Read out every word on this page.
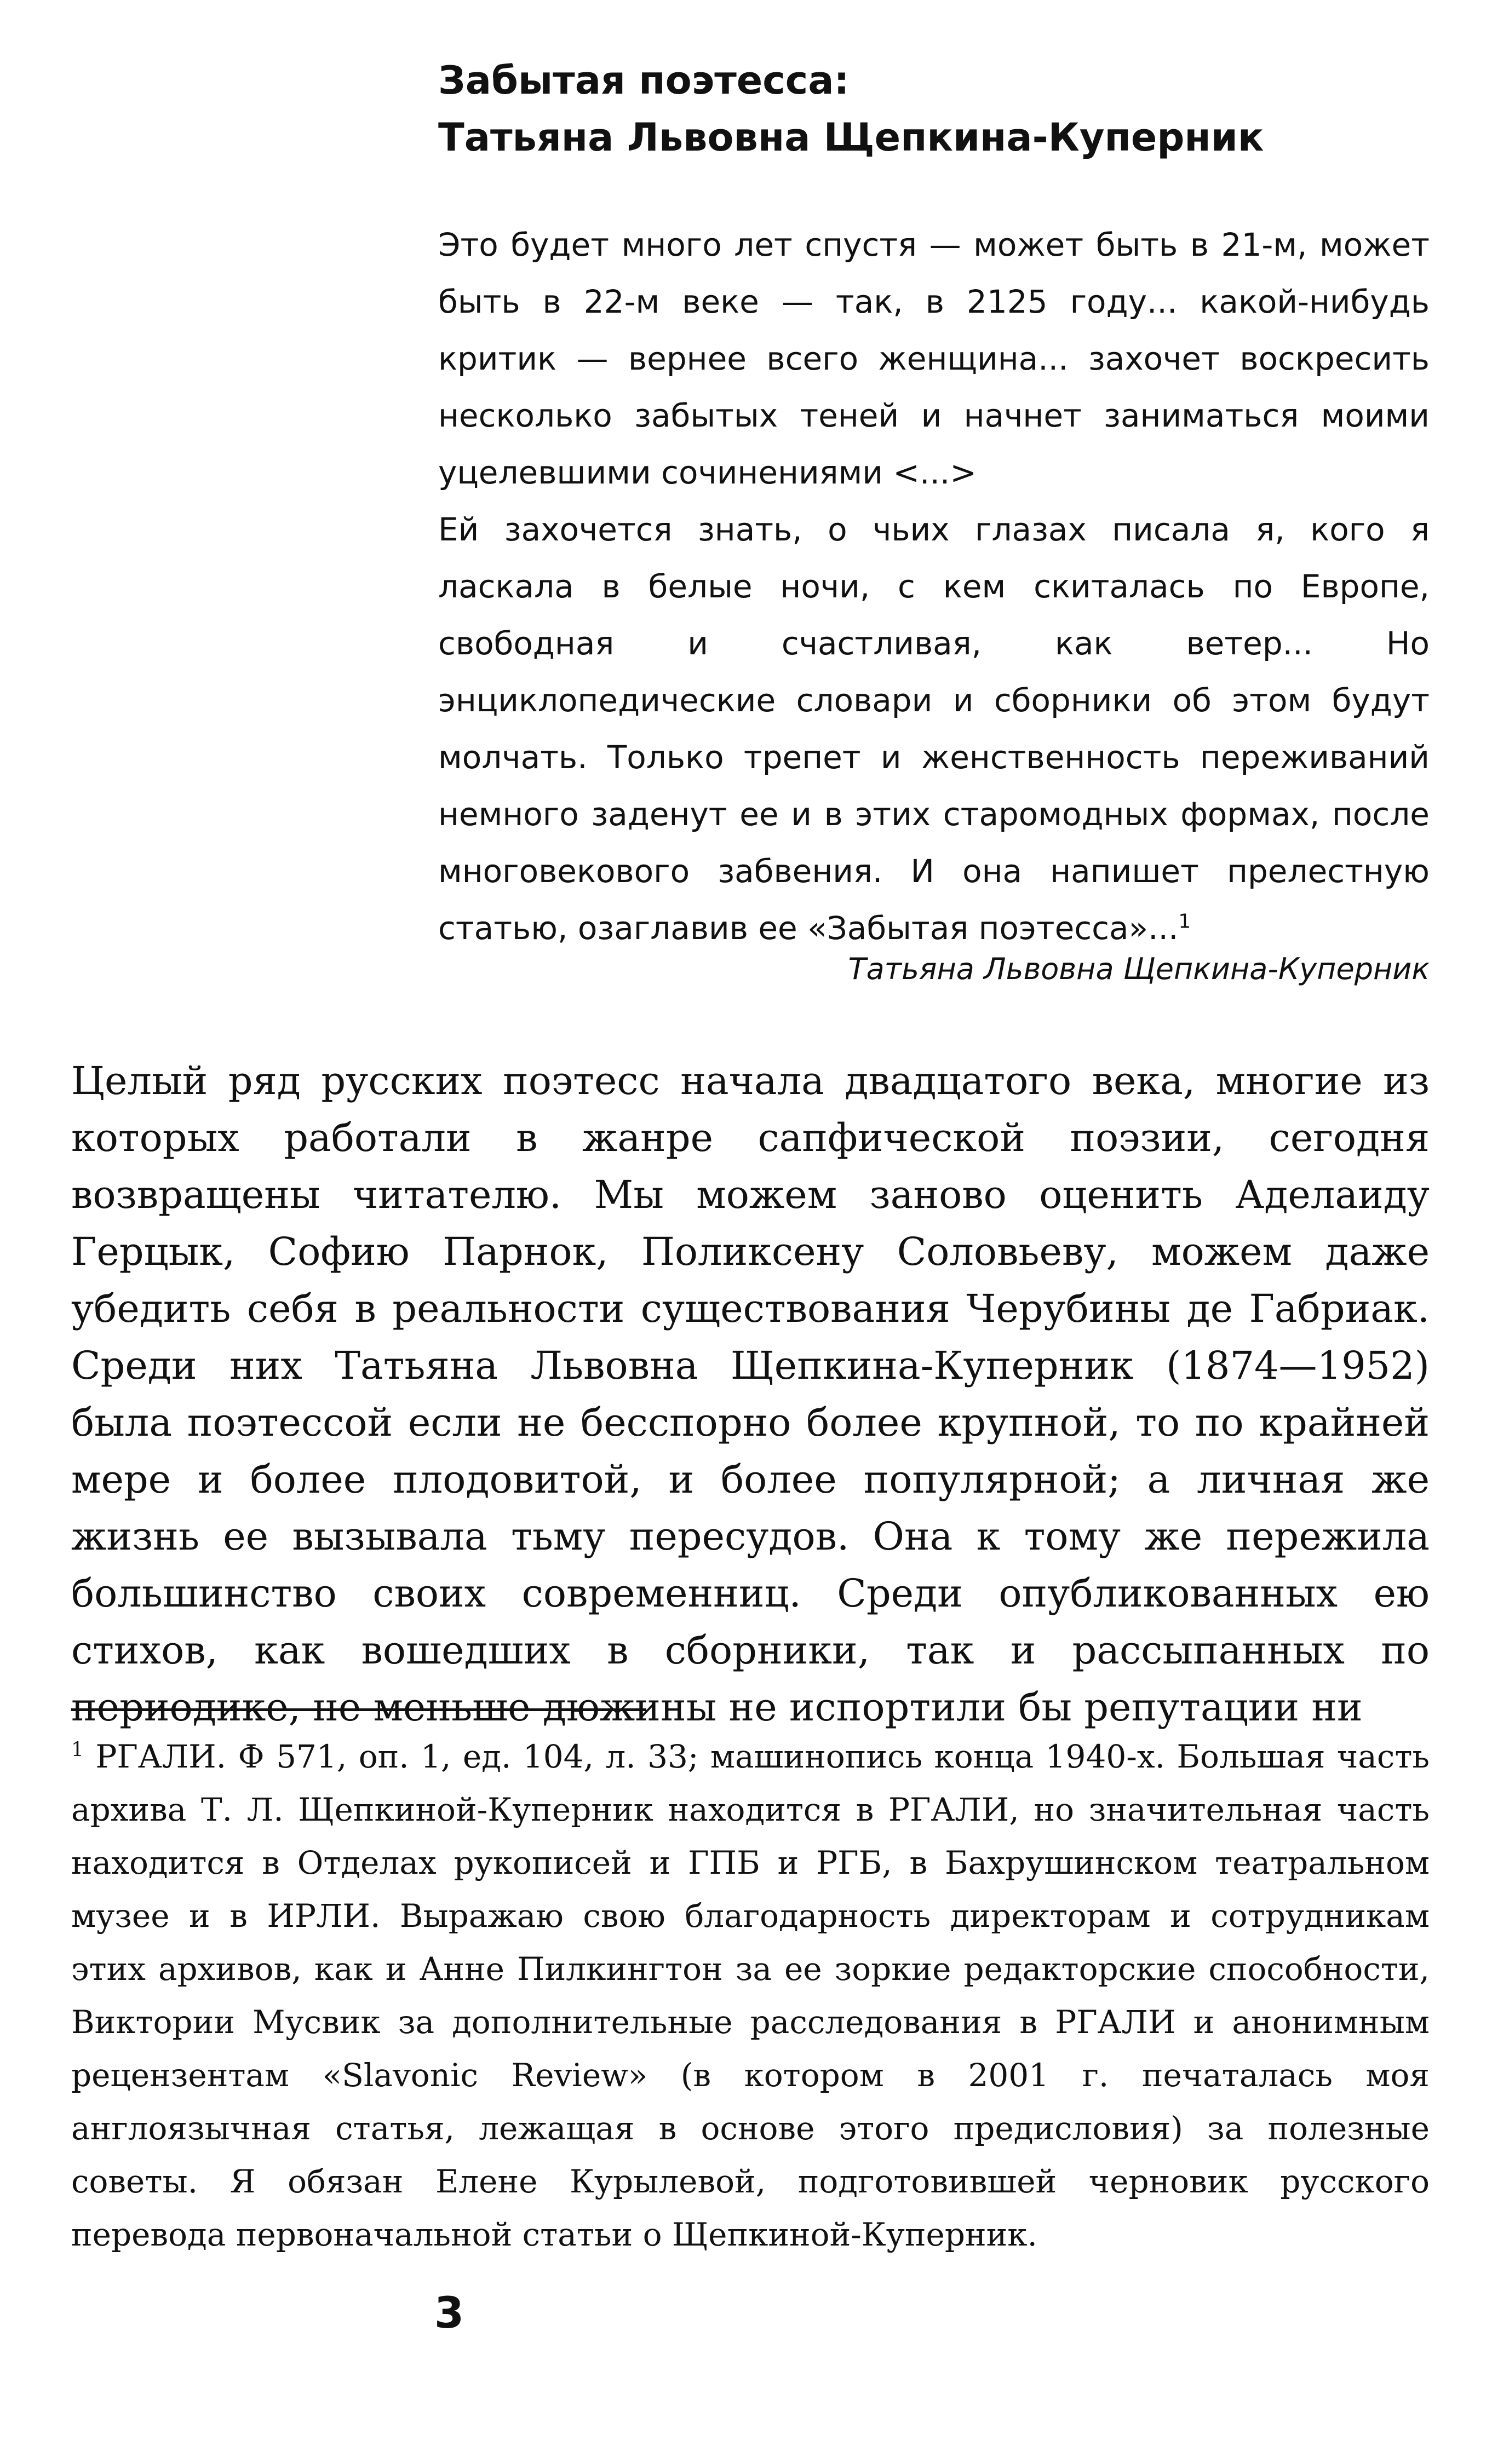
Забытая поэтесса:
Татьяна Львовна Щепкина-Куперник

Это будет много лет спустя — может быть в 21-м, может быть в 22-м веке — так, в 2125 году... какой-нибудь критик — вернее всего женщина... захочет воскресить несколько забытых теней и начнет заниматься моими уцелевшими сочинениями <...>

Ей захочется знать, о чьих глазах писала я, кого я ласкала в белые ночи, с кем скиталась по Европе, свободная и счастливая, как ветер... Но энциклопедические словари и сборники об этом будут молчать. Только трепет и женственность переживаний немного заденут ее и в этих старомодных формах, после многовекового забвения. И она напишет прелестную статью, озаглавив ее «Забытая поэтесса»...$^1$

Татьяна Львовна Щепкина-Куперник

Целый ряд русских поэтесс начала двадцатого века, многие из которых работали в жанре сапфической поэзии, сегодня возвращены читателю. Мы можем заново оценить Аделаиду Герцык, Софию Парнок, Поликсену Соловьеву, можем даже убедить себя в реальности существования Черубины де Габриак. Среди них Татьяна Львовна Щепкина-Куперник (1874—1952) была поэтессой если не бесспорно более крупной, то по крайней мере и более плодовитой, и более популярной; а личная же жизнь ее вызывала тьму пересудов. Она к тому же пережила большинство своих современниц. Среди опубликованных ею стихов, как вошедших в сборники, так и рассыпанных по периодике, не меньше дюжины не испортили бы репутации ни

$^1$ РГАЛИ. Ф 571, оп. 1, ед. 104, л. 33; машинопись конца 1940-х. Большая часть архива Т. Л. Щепкиной-Куперник находится в РГАЛИ, но значительная часть находится в Отделах рукописей и ГПБ и РГБ, в Бахрушинском театральном музее и в ИРЛИ. Выражаю свою благодарность директорам и сотрудникам этих архивов, как и Анне Пилкингтон за ее зоркие редакторские способности, Виктории Мусвик за дополнительные расследования в РГАЛИ и анонимным рецензентам «Slavonic Review» (в котором в 2001 г. печаталась моя англоязычная статья, лежащая в основе этого предисловия) за полезные советы. Я обязан Елене Курылевой, подготовившей черновик русского перевода первоначальной статьи о Щепкиной-Куперник.

3
